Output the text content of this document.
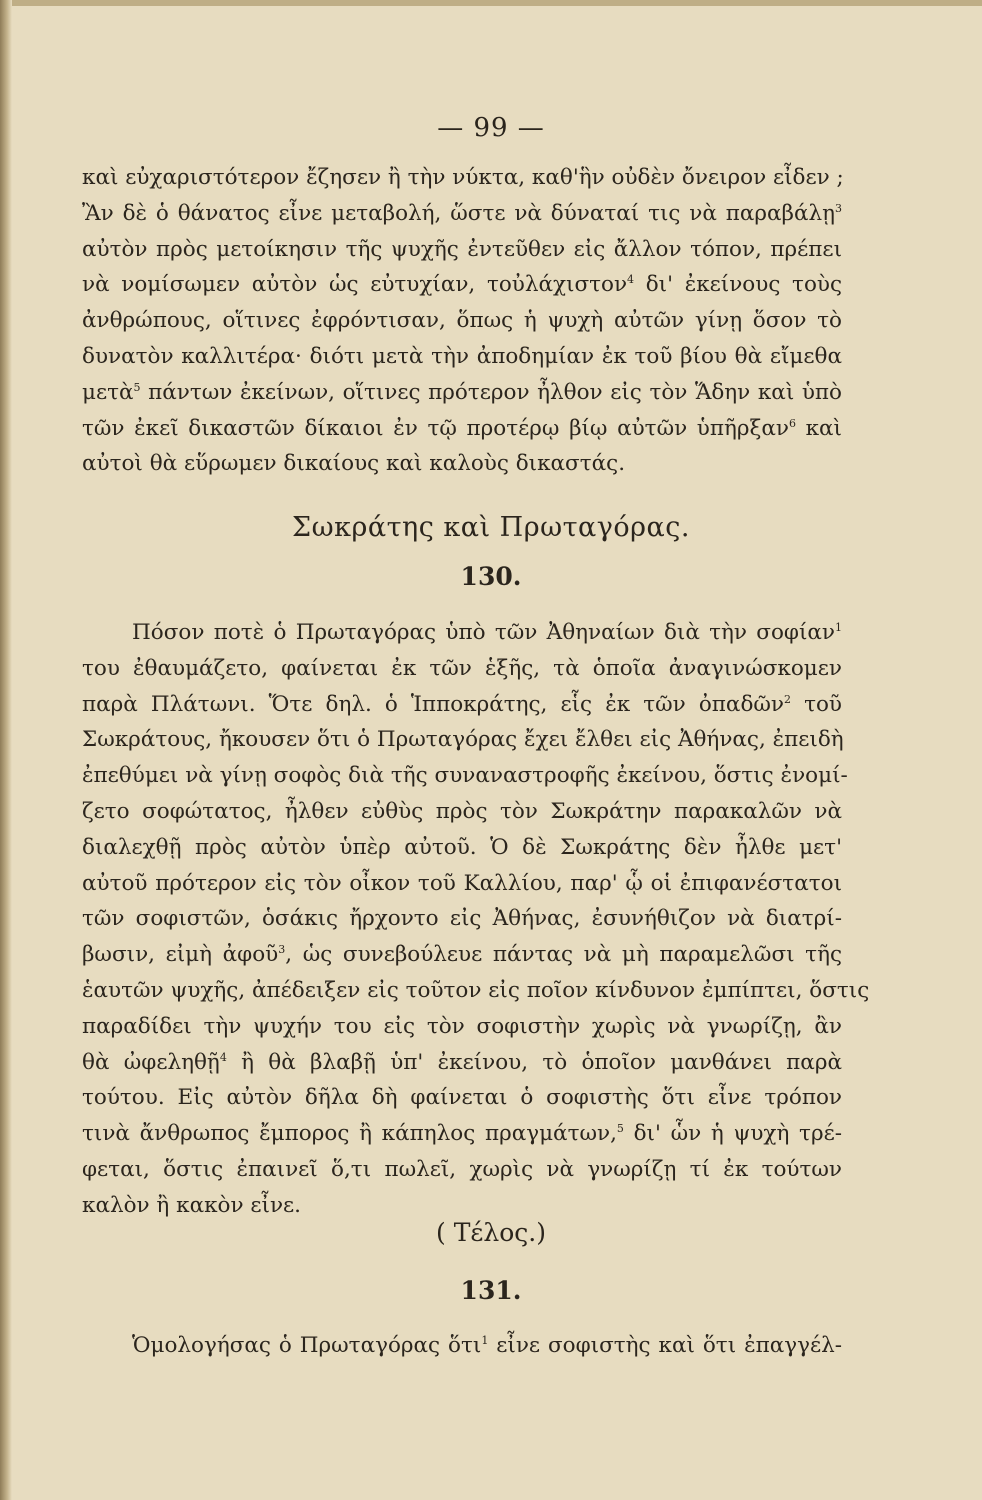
— 99 —
καὶ εὐχαριστότερον ἔζησεν ἢ τὴν νύκτα, καθ'ἣν οὐδὲν ὄνειρον εἶδεν ;
Ἂν δὲ ὁ θάνατος εἶνε μεταβολή, ὥστε νὰ δύναταί τις νὰ παραβάλῃ$^3$
αὐτὸν πρὸς μετοίκησιν τῆς ψυχῆς ἐντεῦθεν εἰς ἄλλον τόπον, πρέπει
νὰ νομίσωμεν αὐτὸν ὡς εὐτυχίαν, τοὐλάχιστον$^4$ δι' ἐκείνους τοὺς
ἀνθρώπους, οἵτινες ἐφρόντισαν, ὅπως ἡ ψυχὴ αὐτῶν γίνῃ ὅσον τὸ
δυνατὸν καλλιτέρα· διότι μετὰ τὴν ἀποδημίαν ἐκ τοῦ βίου θὰ εἴμεθα
μετὰ$^5$ πάντων ἐκείνων, οἵτινες πρότερον ἦλθον εἰς τὸν Ἅδην καὶ ὑπὸ
τῶν ἐκεῖ δικαστῶν δίκαιοι ἐν τῷ προτέρῳ βίῳ αὐτῶν ὑπῆρξαν$^6$ καὶ
αὐτοὶ θὰ εὕρωμεν δικαίους καὶ καλοὺς δικαστάς.
Σωκράτης καὶ Πρωταγόρας.
130.
Πόσον ποτὲ ὁ Πρωταγόρας ὑπὸ τῶν Ἀθηναίων διὰ τὴν σοφίαν$^1$
του ἐθαυμάζετο, φαίνεται ἐκ τῶν ἑξῆς, τὰ ὁποῖα ἀναγινώσκομεν
παρὰ Πλάτωνι. Ὅτε δηλ. ὁ Ἱπποκράτης, εἷς ἐκ τῶν ὀπαδῶν$^2$ τοῦ
Σωκράτους, ἤκουσεν ὅτι ὁ Πρωταγόρας ἔχει ἔλθει εἰς Ἀθήνας, ἐπειδὴ
ἐπεθύμει νὰ γίνῃ σοφὸς διὰ τῆς συναναστροφῆς ἐκείνου, ὅστις ἐνομί-
ζετο σοφώτατος, ἦλθεν εὐθὺς πρὸς τὸν Σωκράτην παρακαλῶν νὰ
διαλεχθῇ πρὸς αὐτὸν ὑπὲρ αὐτοῦ. Ὁ δὲ Σωκράτης δὲν ἦλθε μετ'
αὐτοῦ πρότερον εἰς τὸν οἶκον τοῦ Καλλίου, παρ' ᾧ οἱ ἐπιφανέστατοι
τῶν σοφιστῶν, ὁσάκις ἤρχοντο εἰς Ἀθήνας, ἐσυνήθιζον νὰ διατρί-
βωσιν, εἰμὴ ἀφοῦ$^3$, ὡς συνεβούλευε πάντας νὰ μὴ παραμελῶσι τῆς
ἑαυτῶν ψυχῆς, ἀπέδειξεν εἰς τοῦτον εἰς ποῖον κίνδυνον ἐμπίπτει, ὅστις
παραδίδει τὴν ψυχήν του εἰς τὸν σοφιστὴν χωρὶς νὰ γνωρίζῃ, ἂν
θὰ ὠφεληθῇ$^4$ ἢ θὰ βλαβῇ ὑπ' ἐκείνου, τὸ ὁποῖον μανθάνει παρὰ
τούτου. Εἰς αὐτὸν δῆλα δὴ φαίνεται ὁ σοφιστὴς ὅτι εἶνε τρόπον
τινὰ ἄνθρωπος ἔμπορος ἢ κάπηλος πραγμάτων,$^5$ δι' ὧν ἡ ψυχὴ τρέ-
φεται, ὅστις ἐπαινεῖ ὅ,τι πωλεῖ, χωρὶς νὰ γνωρίζῃ τί ἐκ τούτων
καλὸν ἢ κακὸν εἶνε.
( Τέλος.)
131.
Ὁμολογήσας ὁ Πρωταγόρας ὅτι$^1$ εἶνε σοφιστὴς καὶ ὅτι ἐπαγγέλ-
